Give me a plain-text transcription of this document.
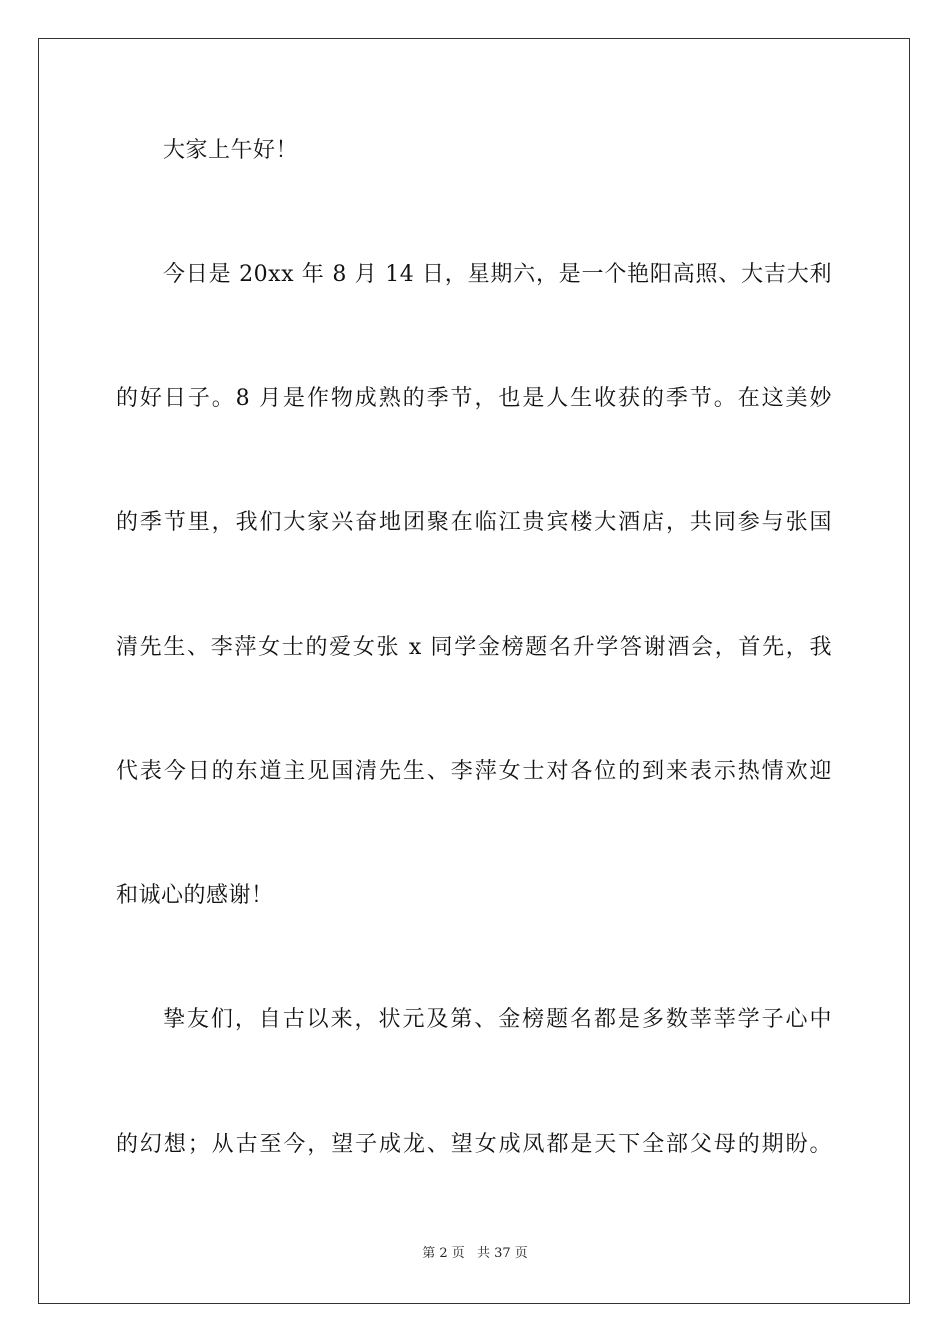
大家上午好！
今日是 20xx 年 8 月 14 日，星期六，是一个艳阳高照、大吉大利
的好日子。8 月是作物成熟的季节，也是人生收获的季节。在这美妙
的季节里，我们大家兴奋地团聚在临江贵宾楼大酒店，共同参与张国
清先生、李萍女士的爱女张 x 同学金榜题名升学答谢酒会，首先，我
代表今日的东道主见国清先生、李萍女士对各位的到来表示热情欢迎
和诚心的感谢！
挚友们，自古以来，状元及第、金榜题名都是多数莘莘学子心中
的幻想；从古至今，望子成龙、望女成凤都是天下全部父母的期盼。
第 2 页 共 37 页
